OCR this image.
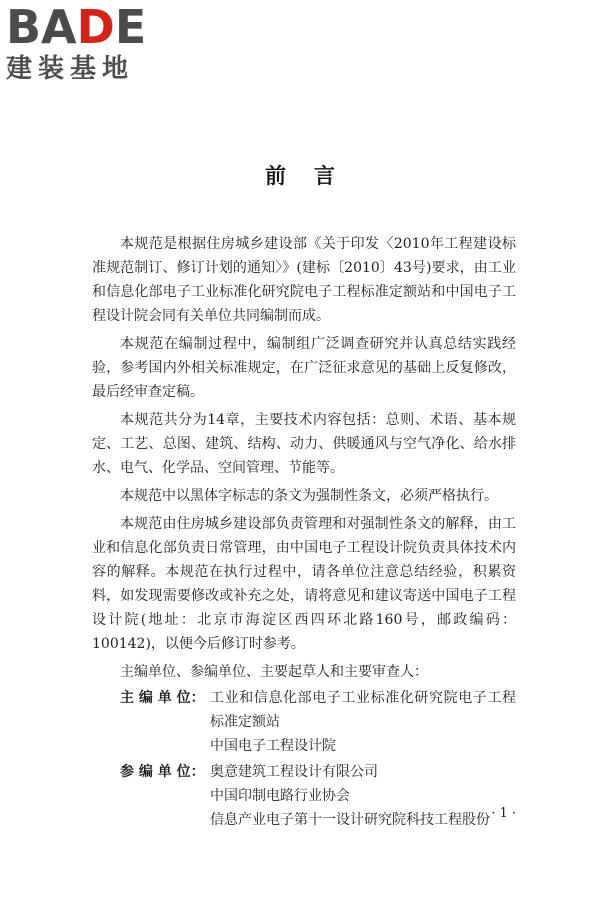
BADE
建装基地
前言

本规范是根据住房城乡建设部《关于印发〈2010年工程建设标准规范制订、修订计划的通知〉》(建标〔2010〕43号)要求，由工业和信息化部电子工业标准化研究院电子工程标准定额站和中国电子工程设计院会同有关单位共同编制而成。

本规范在编制过程中，编制组广泛调查研究并认真总结实践经验，参考国内外相关标准规定，在广泛征求意见的基础上反复修改，最后经审查定稿。

本规范共分为14章，主要技术内容包括：总则、术语、基本规定、工艺、总图、建筑、结构、动力、供暖通风与空气净化、给水排水、电气、化学品、空间管理、节能等。

本规范中以黑体字标志的条文为强制性条文，必须严格执行。

本规范由住房城乡建设部负责管理和对强制性条文的解释，由工业和信息化部负责日常管理，由中国电子工程设计院负责具体技术内容的解释。本规范在执行过程中，请各单位注意总结经验，积累资料，如发现需要修改或补充之处，请将意见和建议寄送中国电子工程设计院(地址：北京市海淀区西四环北路160号，邮政编码：100142)，以便今后修订时参考。

主编单位、参编单位、主要起草人和主要审查人：
主 编 单 位： 工业和信息化部电子工业标准化研究院电子工程标准定额站
中国电子工程设计院
参 编 单 位： 奥意建筑工程设计有限公司
中国印制电路行业协会
信息产业电子第十一设计研究院科技工程股份 · 1 ·
